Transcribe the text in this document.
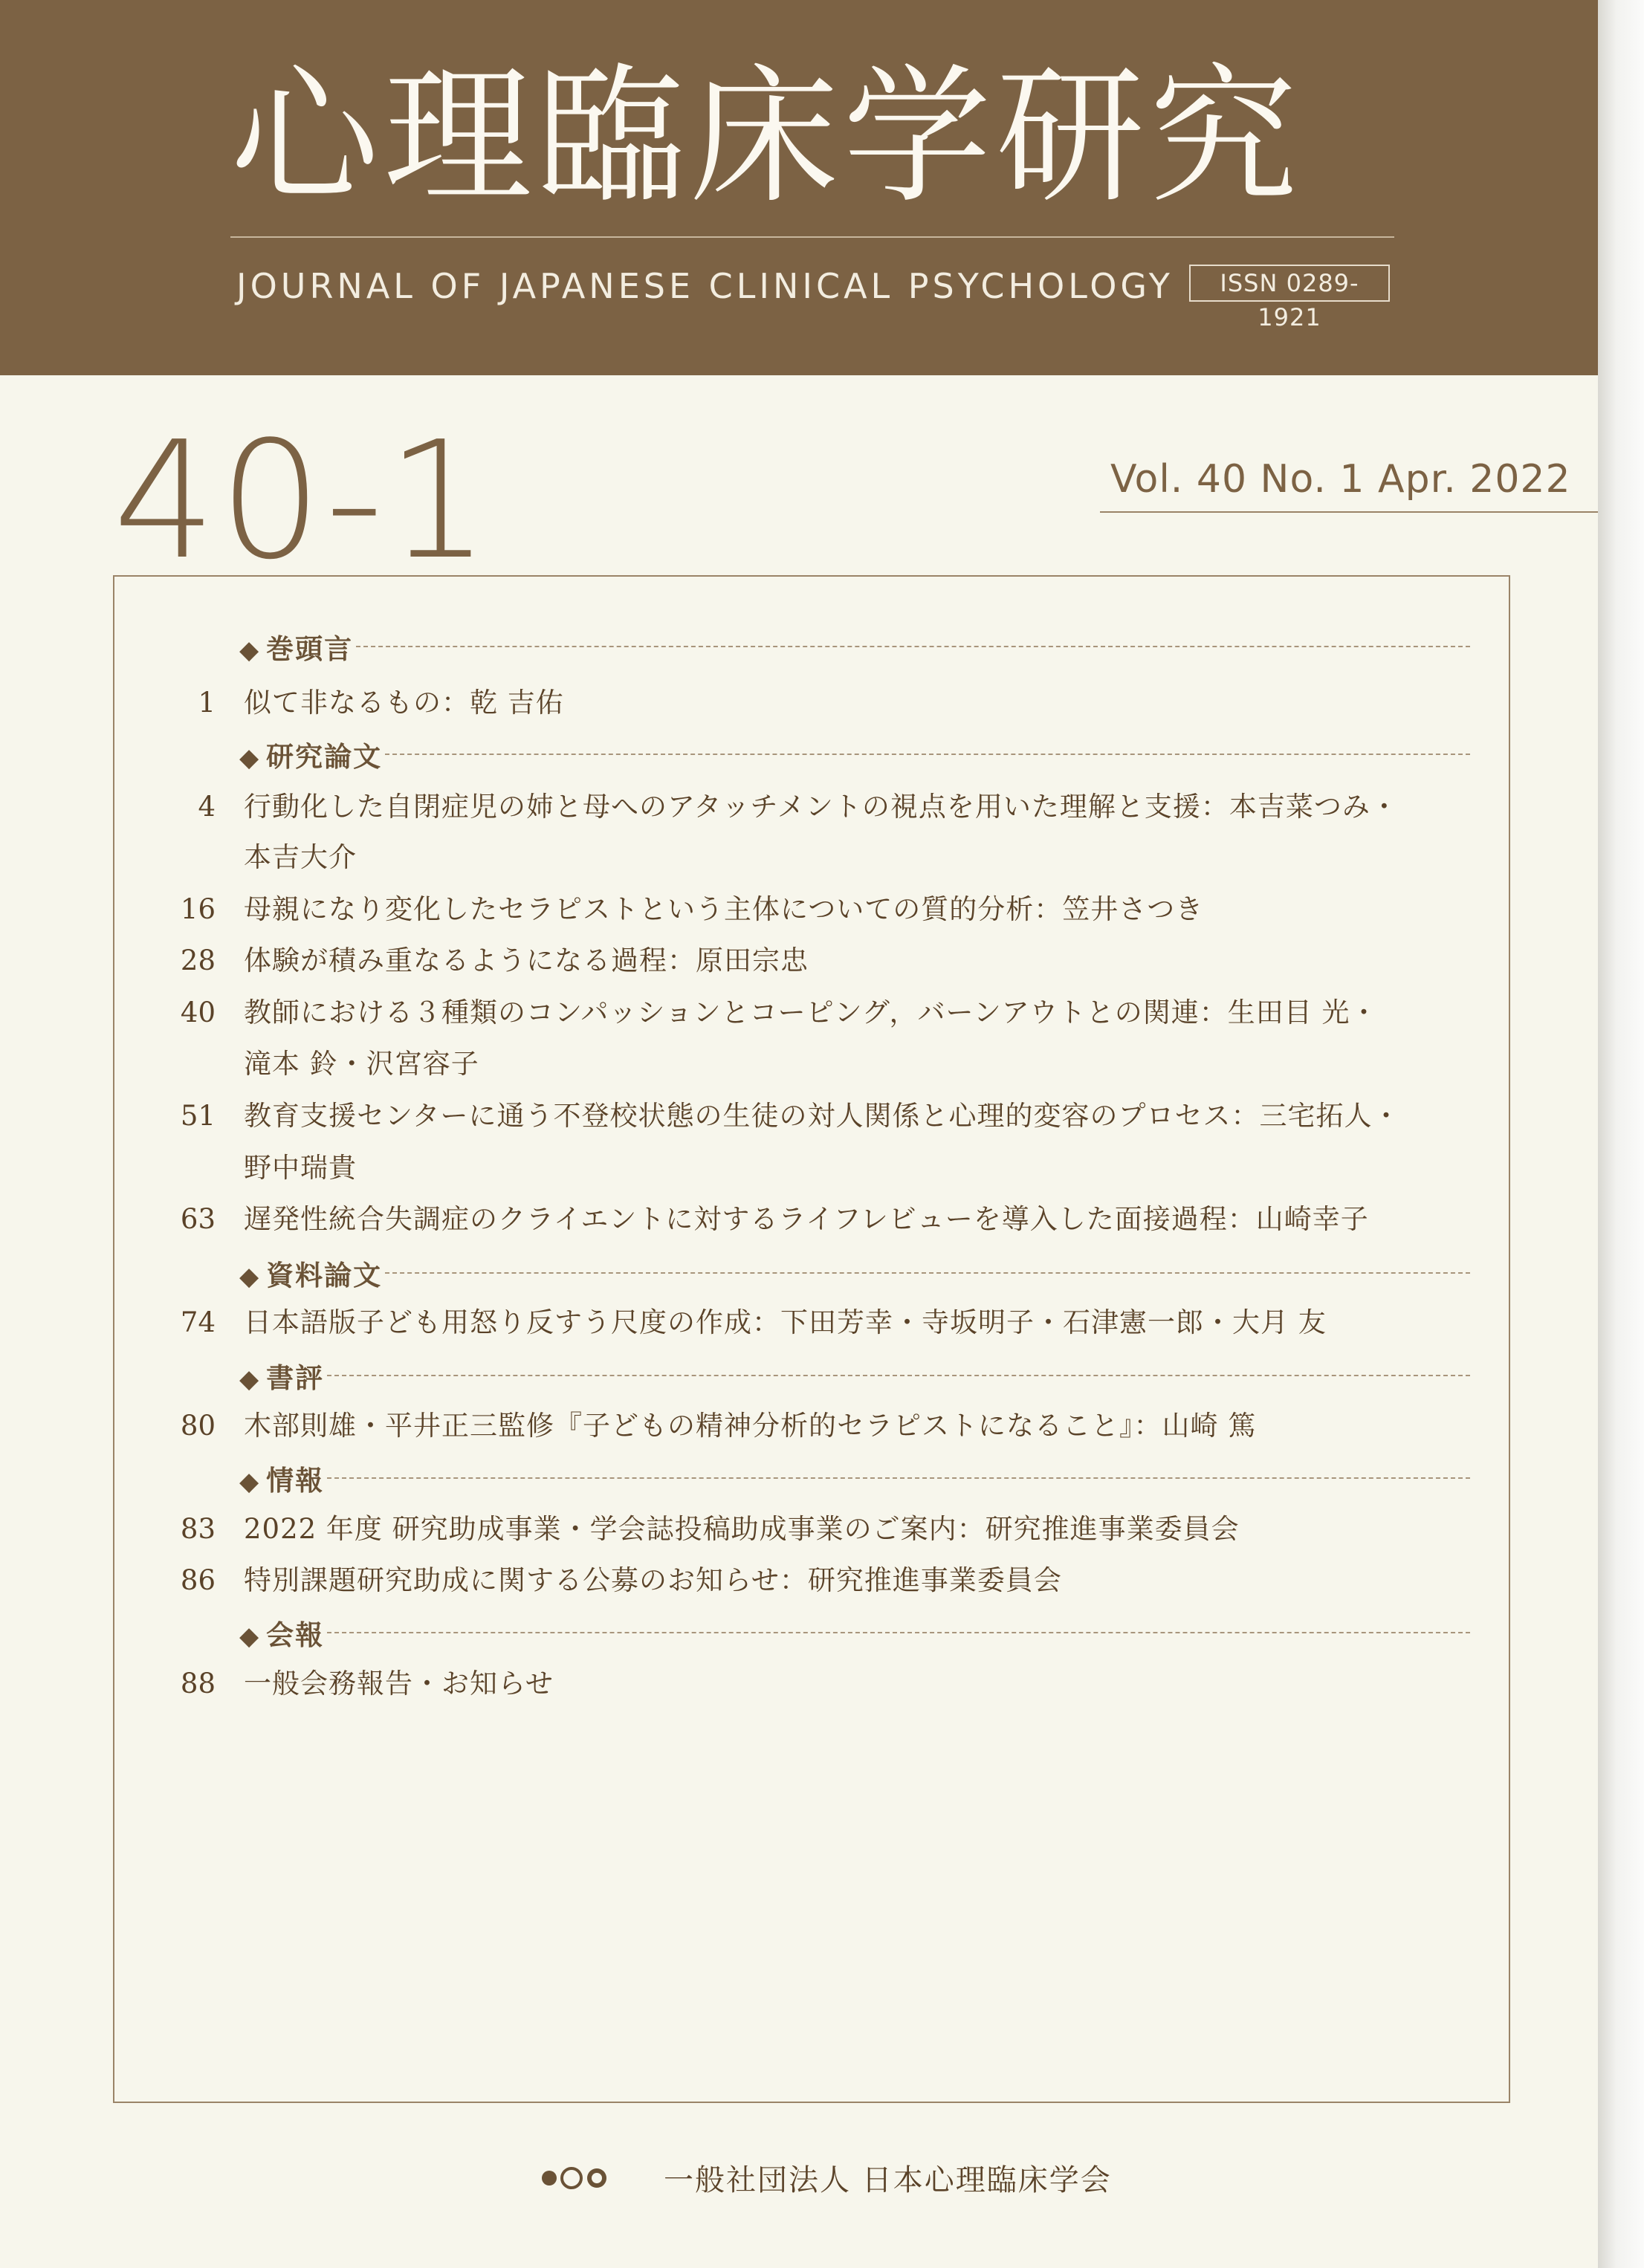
心理臨床学研究
JOURNAL OF JAPANESE CLINICAL PSYCHOLOGY	ISSN 0289-1921
40-1	Vol. 40 No. 1 Apr. 2022
◆ 巻頭言
◆ 研究論文
◆ 資料論文
◆ 書評
◆ 情報
◆ 会報
1 似て非なるもの：乾 吉佑
4 行動化した自閉症児の姉と母へのアタッチメントの視点を用いた理解と支援：本吉菜つみ・
本吉大介
16 母親になり変化したセラピストという主体についての質的分析：笠井さつき
28 体験が積み重なるようになる過程：原田宗忠
40 教師における３種類のコンパッションとコーピング，バーンアウトとの関連：生田目 光・
滝本 鈴・沢宮容子
51 教育支援センターに通う不登校状態の生徒の対人関係と心理的変容のプロセス：三宅拓人・
野中瑞貴
63 遅発性統合失調症のクライエントに対するライフレビューを導入した面接過程：山崎幸子
74 日本語版子ども用怒り反すう尺度の作成：下田芳幸・寺坂明子・石津憲一郎・大月 友
80 木部則雄・平井正三監修『子どもの精神分析的セラピストになること』：山崎 篤
83 2022 年度 研究助成事業・学会誌投稿助成事業のご案内：研究推進事業委員会
86 特別課題研究助成に関する公募のお知らせ：研究推進事業委員会
88 一般会務報告・お知らせ
一般社団法人 日本心理臨床学会
